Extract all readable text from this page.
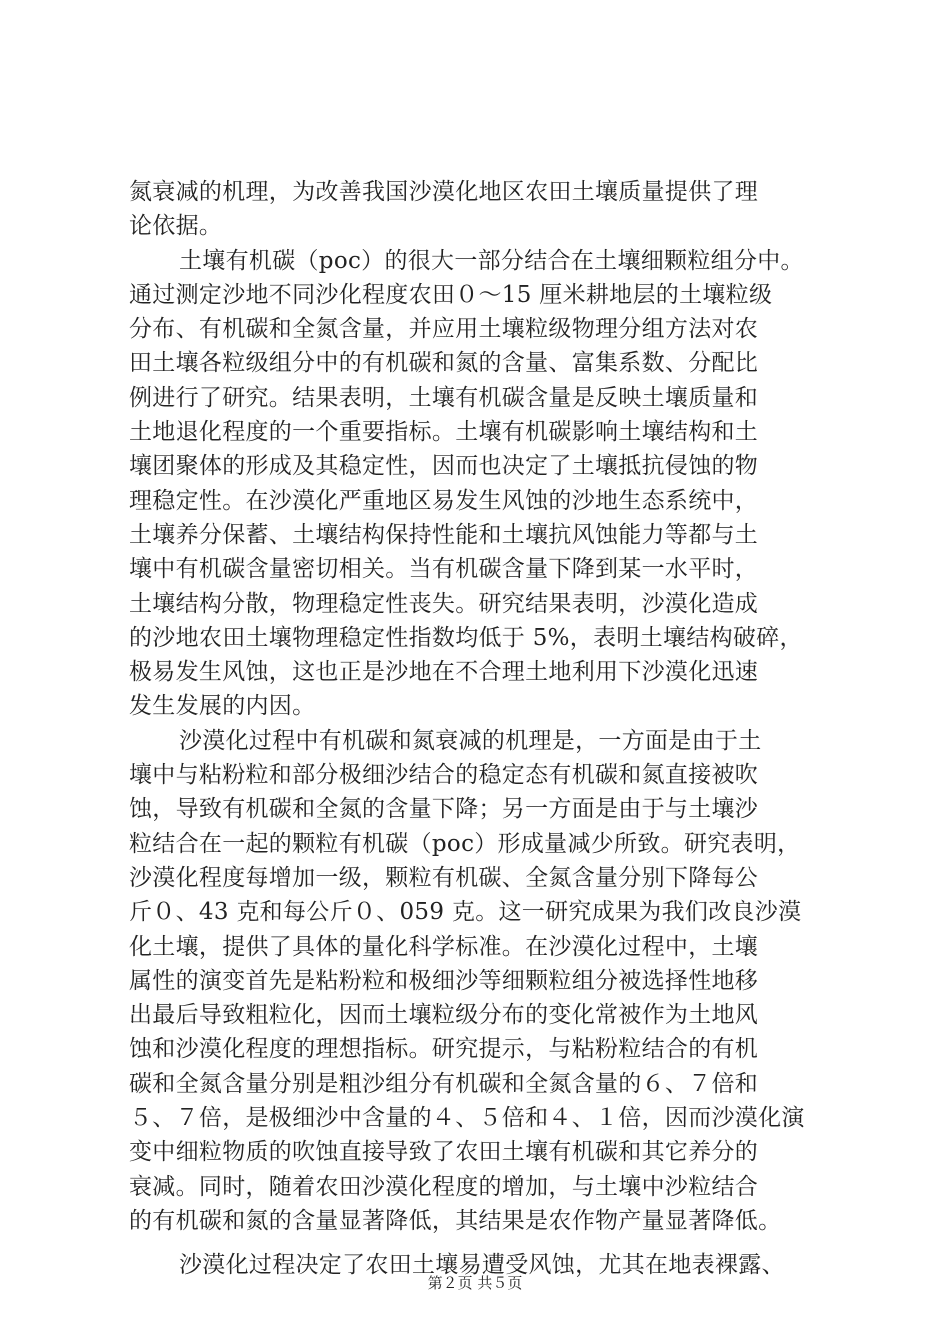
氮衰减的机理，为改善我国沙漠化地区农田土壤质量提供了理
论依据。
土壤有机碳（poc）的很大一部分结合在土壤细颗粒组分中。
通过测定沙地不同沙化程度农田０～15 厘米耕地层的土壤粒级
分布、有机碳和全氮含量，并应用土壤粒级物理分组方法对农
田土壤各粒级组分中的有机碳和氮的含量、富集系数、分配比
例进行了研究。结果表明，土壤有机碳含量是反映土壤质量和
土地退化程度的一个重要指标。土壤有机碳影响土壤结构和土
壤团聚体的形成及其稳定性，因而也决定了土壤抵抗侵蚀的物
理稳定性。在沙漠化严重地区易发生风蚀的沙地生态系统中，
土壤养分保蓄、土壤结构保持性能和土壤抗风蚀能力等都与土
壤中有机碳含量密切相关。当有机碳含量下降到某一水平时，
土壤结构分散，物理稳定性丧失。研究结果表明，沙漠化造成
的沙地农田土壤物理稳定性指数均低于 5%，表明土壤结构破碎，
极易发生风蚀，这也正是沙地在不合理土地利用下沙漠化迅速
发生发展的内因。
沙漠化过程中有机碳和氮衰减的机理是，一方面是由于土
壤中与粘粉粒和部分极细沙结合的稳定态有机碳和氮直接被吹
蚀，导致有机碳和全氮的含量下降；另一方面是由于与土壤沙
粒结合在一起的颗粒有机碳（poc）形成量减少所致。研究表明，
沙漠化程度每增加一级，颗粒有机碳、全氮含量分别下降每公
斤０、43 克和每公斤０、059 克。这一研究成果为我们改良沙漠
化土壤，提供了具体的量化科学标准。在沙漠化过程中，土壤
属性的演变首先是粘粉粒和极细沙等细颗粒组分被选择性地移
出最后导致粗粒化，因而土壤粒级分布的变化常被作为土地风
蚀和沙漠化程度的理想指标。研究提示，与粘粉粒结合的有机
碳和全氮含量分别是粗沙组分有机碳和全氮含量的６、７倍和
５、７倍，是极细沙中含量的４、５倍和４、１倍，因而沙漠化演
变中细粒物质的吹蚀直接导致了农田土壤有机碳和其它养分的
衰减。同时，随着农田沙漠化程度的增加，与土壤中沙粒结合
的有机碳和氮的含量显著降低，其结果是农作物产量显著降低。
沙漠化过程决定了农田土壤易遭受风蚀，尤其在地表裸露、
第２页 共５页
